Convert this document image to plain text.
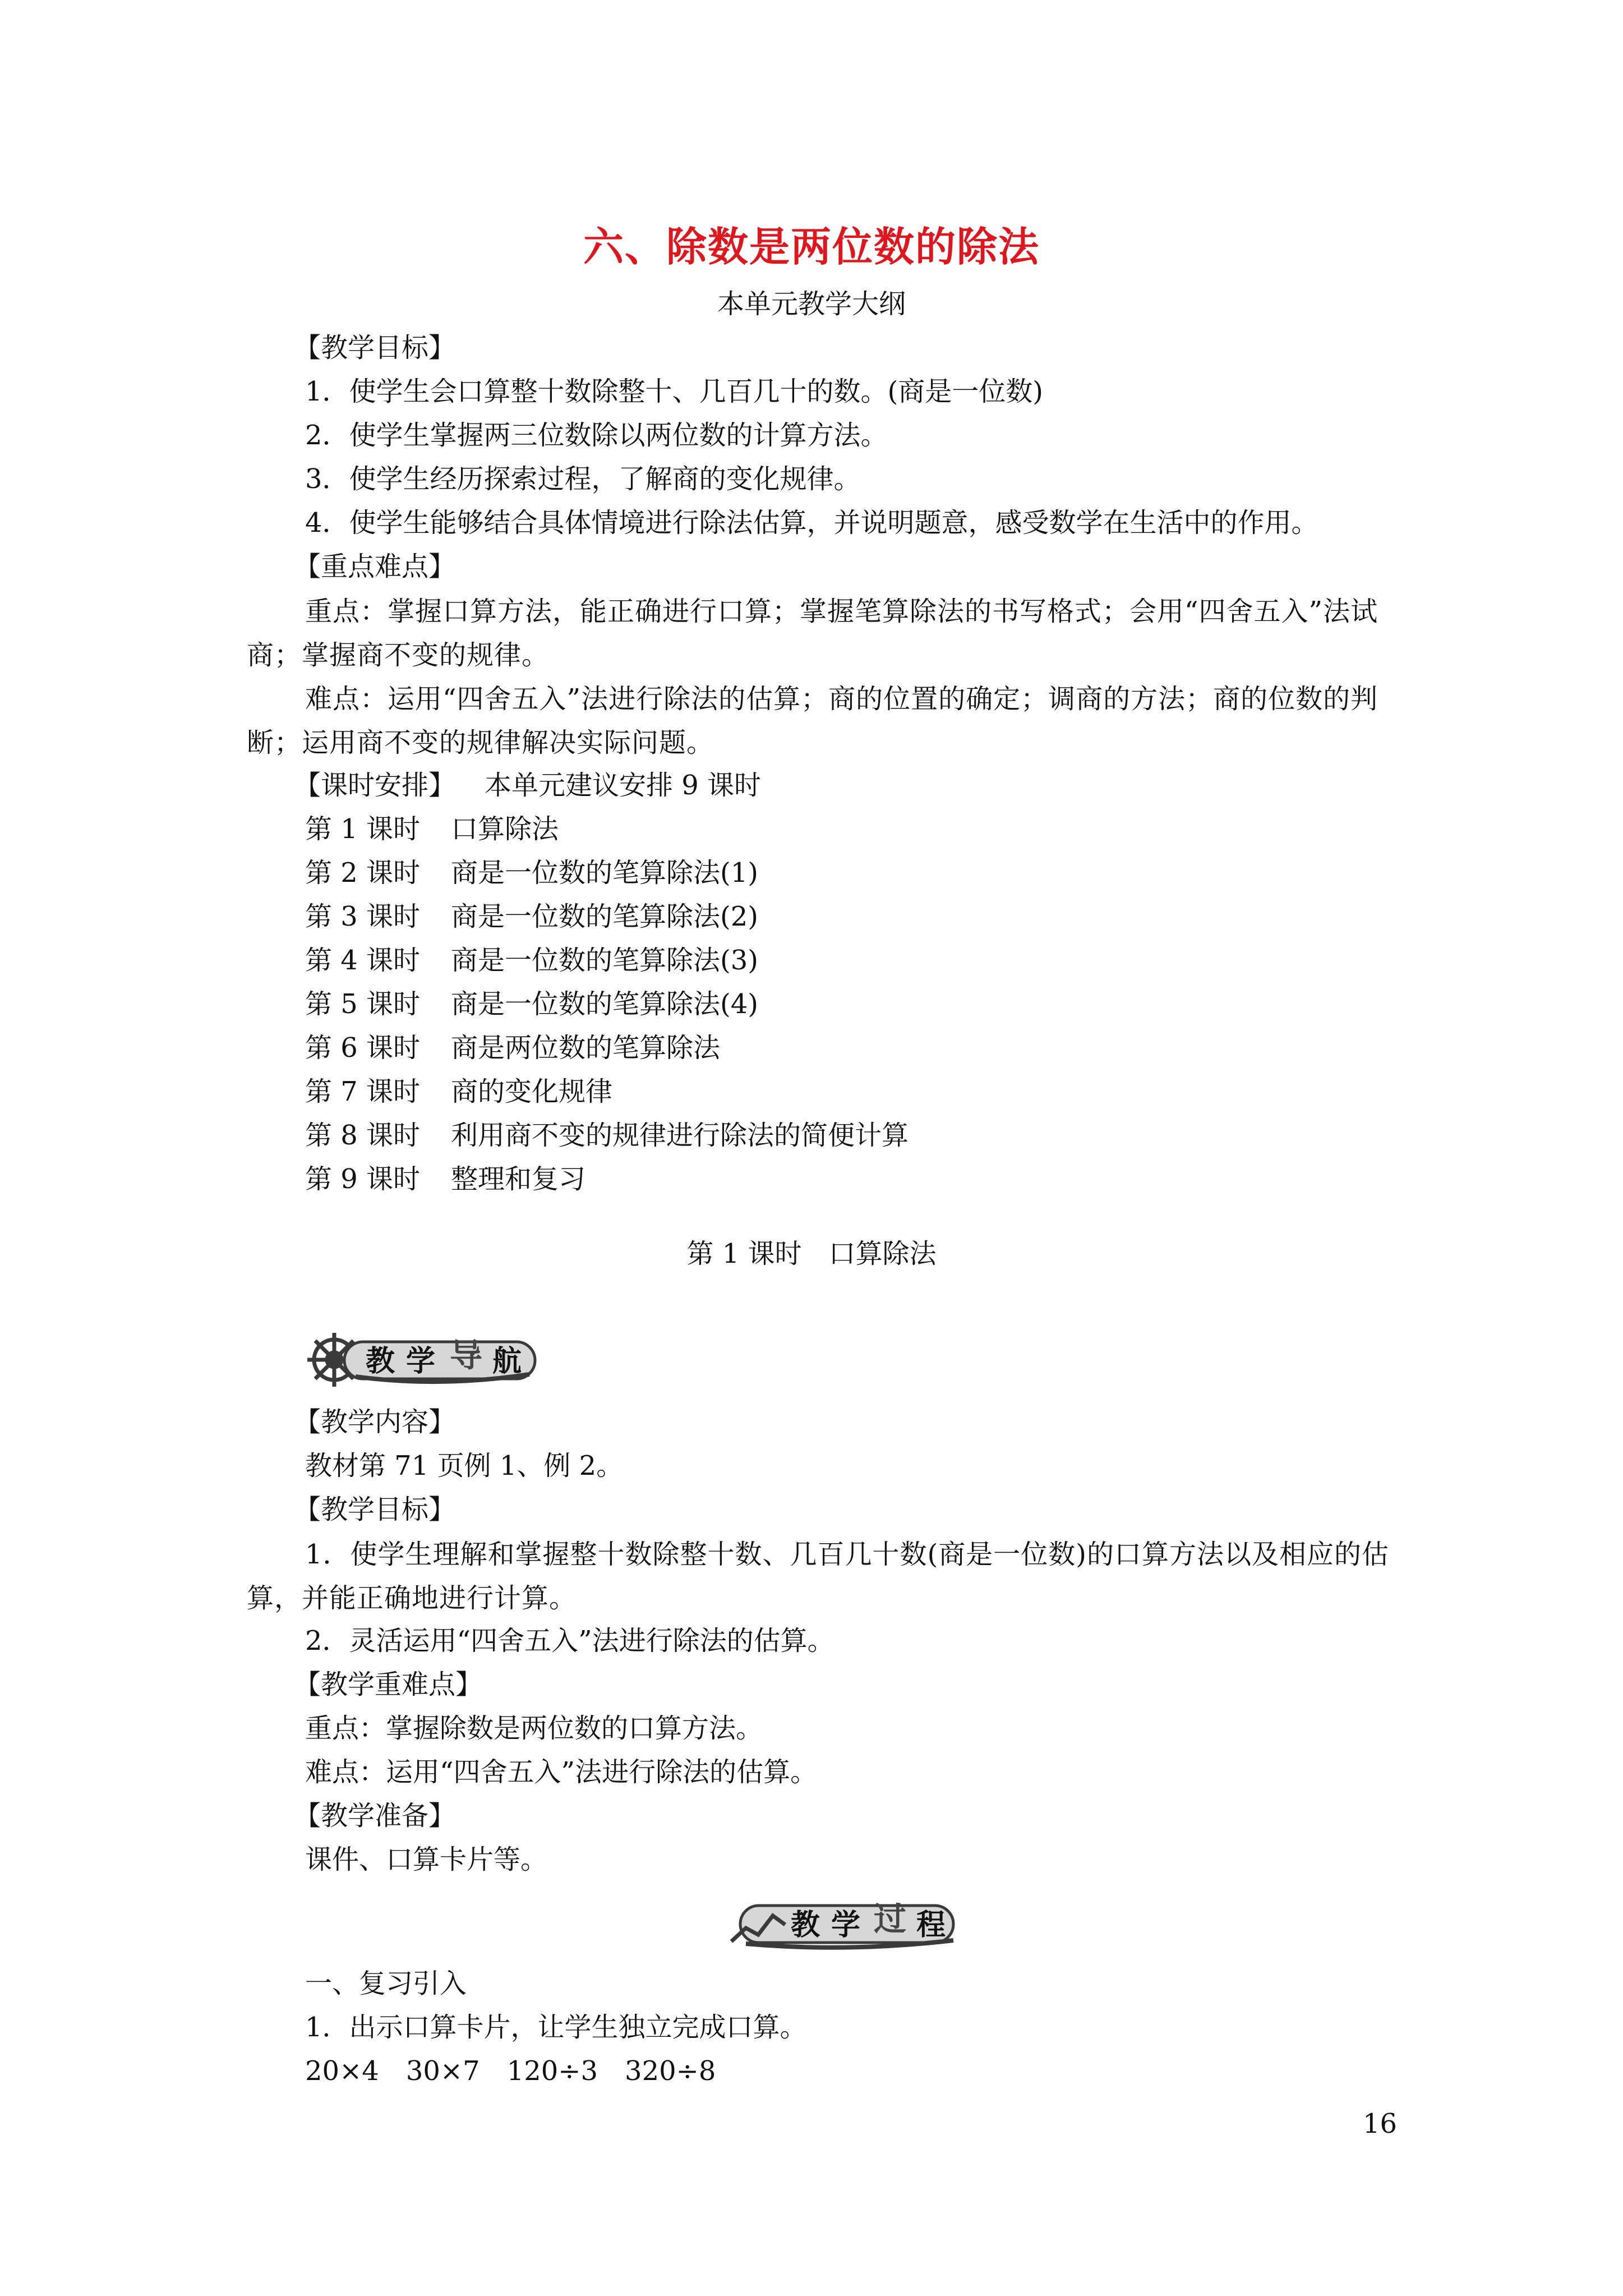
六、除数是两位数的除法
本单元教学大纲
【教学目标】
1．使学生会口算整十数除整十、几百几十的数。(商是一位数)
2．使学生掌握两三位数除以两位数的计算方法。
3．使学生经历探索过程，了解商的变化规律。
4．使学生能够结合具体情境进行除法估算，并说明题意，感受数学在生活中的作用。
【重点难点】
重点：掌握口算方法，能正确进行口算；掌握笔算除法的书写格式；会用“四舍五入”法试商；掌握商不变的规律。
难点：运用“四舍五入”法进行除法的估算；商的位置的确定；调商的方法；商的位数的判断；运用商不变的规律解决实际问题。
【课时安排】 本单元建议安排 9 课时
第 1 课时 口算除法
第 2 课时 商是一位数的笔算除法(1)
第 3 课时 商是一位数的笔算除法(2)
第 4 课时 商是一位数的笔算除法(3)
第 5 课时 商是一位数的笔算除法(4)
第 6 课时 商是两位数的笔算除法
第 7 课时 商的变化规律
第 8 课时 利用商不变的规律进行除法的简便计算
第 9 课时 整理和复习
第 1 课时　口算除法
教 学 导 航
【教学内容】
教材第 71 页例 1、例 2。
【教学目标】
1．使学生理解和掌握整十数除整十数、几百几十数(商是一位数)的口算方法以及相应的估算，并能正确地进行计算。
2．灵活运用“四舍五入”法进行除法的估算。
【教学重难点】
重点：掌握除数是两位数的口算方法。
难点：运用“四舍五入”法进行除法的估算。
【教学准备】
课件、口算卡片等。
教 学 过 程
一、复习引入
1．出示口算卡片，让学生独立完成口算。
20×4　30×7　120÷3　320÷8
16
